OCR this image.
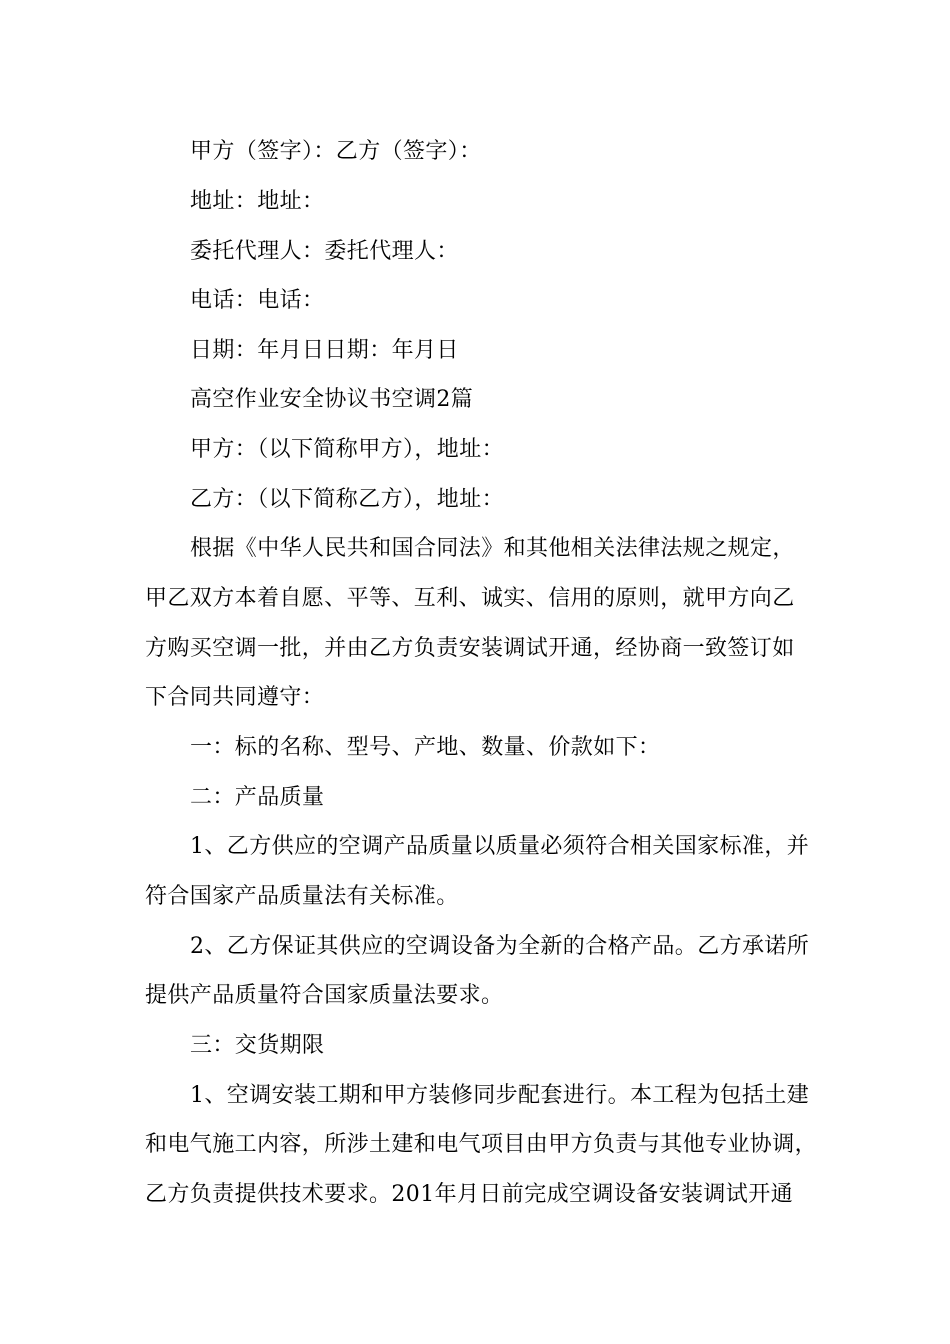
甲方（签字）：乙方（签字）：
地址：地址：
委托代理人：委托代理人：
电话：电话：
日期：年月日日期：年月日
高空作业安全协议书空调2篇
甲方：（以下简称甲方），地址：
乙方：（以下简称乙方），地址：
根据《中华人民共和国合同法》和其他相关法律法规之规定，
甲乙双方本着自愿、平等、互利、诚实、信用的原则，就甲方向乙
方购买空调一批，并由乙方负责安装调试开通，经协商一致签订如
下合同共同遵守：
一：标的名称、型号、产地、数量、价款如下：
二：产品质量
1、乙方供应的空调产品质量以质量必须符合相关国家标准，并
符合国家产品质量法有关标准。
2、乙方保证其供应的空调设备为全新的合格产品。乙方承诺所
提供产品质量符合国家质量法要求。
三：交货期限
1、空调安装工期和甲方装修同步配套进行。本工程为包括土建
和电气施工内容，所涉土建和电气项目由甲方负责与其他专业协调，
乙方负责提供技术要求。201年月日前完成空调设备安装调试开通
